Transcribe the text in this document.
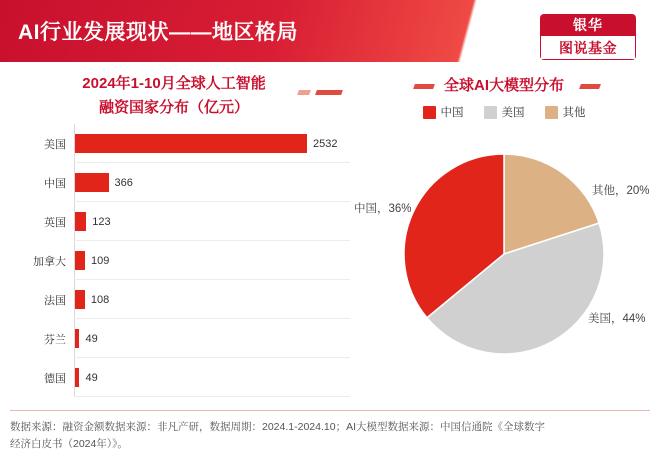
AI行业发展现状——地区格局	银华
图说基金
2024年1-10月全球人工智能
融资国家分布（亿元）
美国	2532
中国	366
英国	123
加拿大	109
法国	108
芬兰	49
德国	49
全球AI大模型分布
中国	美国	其他
中国，36%
其他，20%
美国，44%
数据来源：融资金额数据来源：非凡产研，数据周期：2024.1-2024.10；AI大模型数据来源：中国信通院《全球数字
经济白皮书（2024年）》。
